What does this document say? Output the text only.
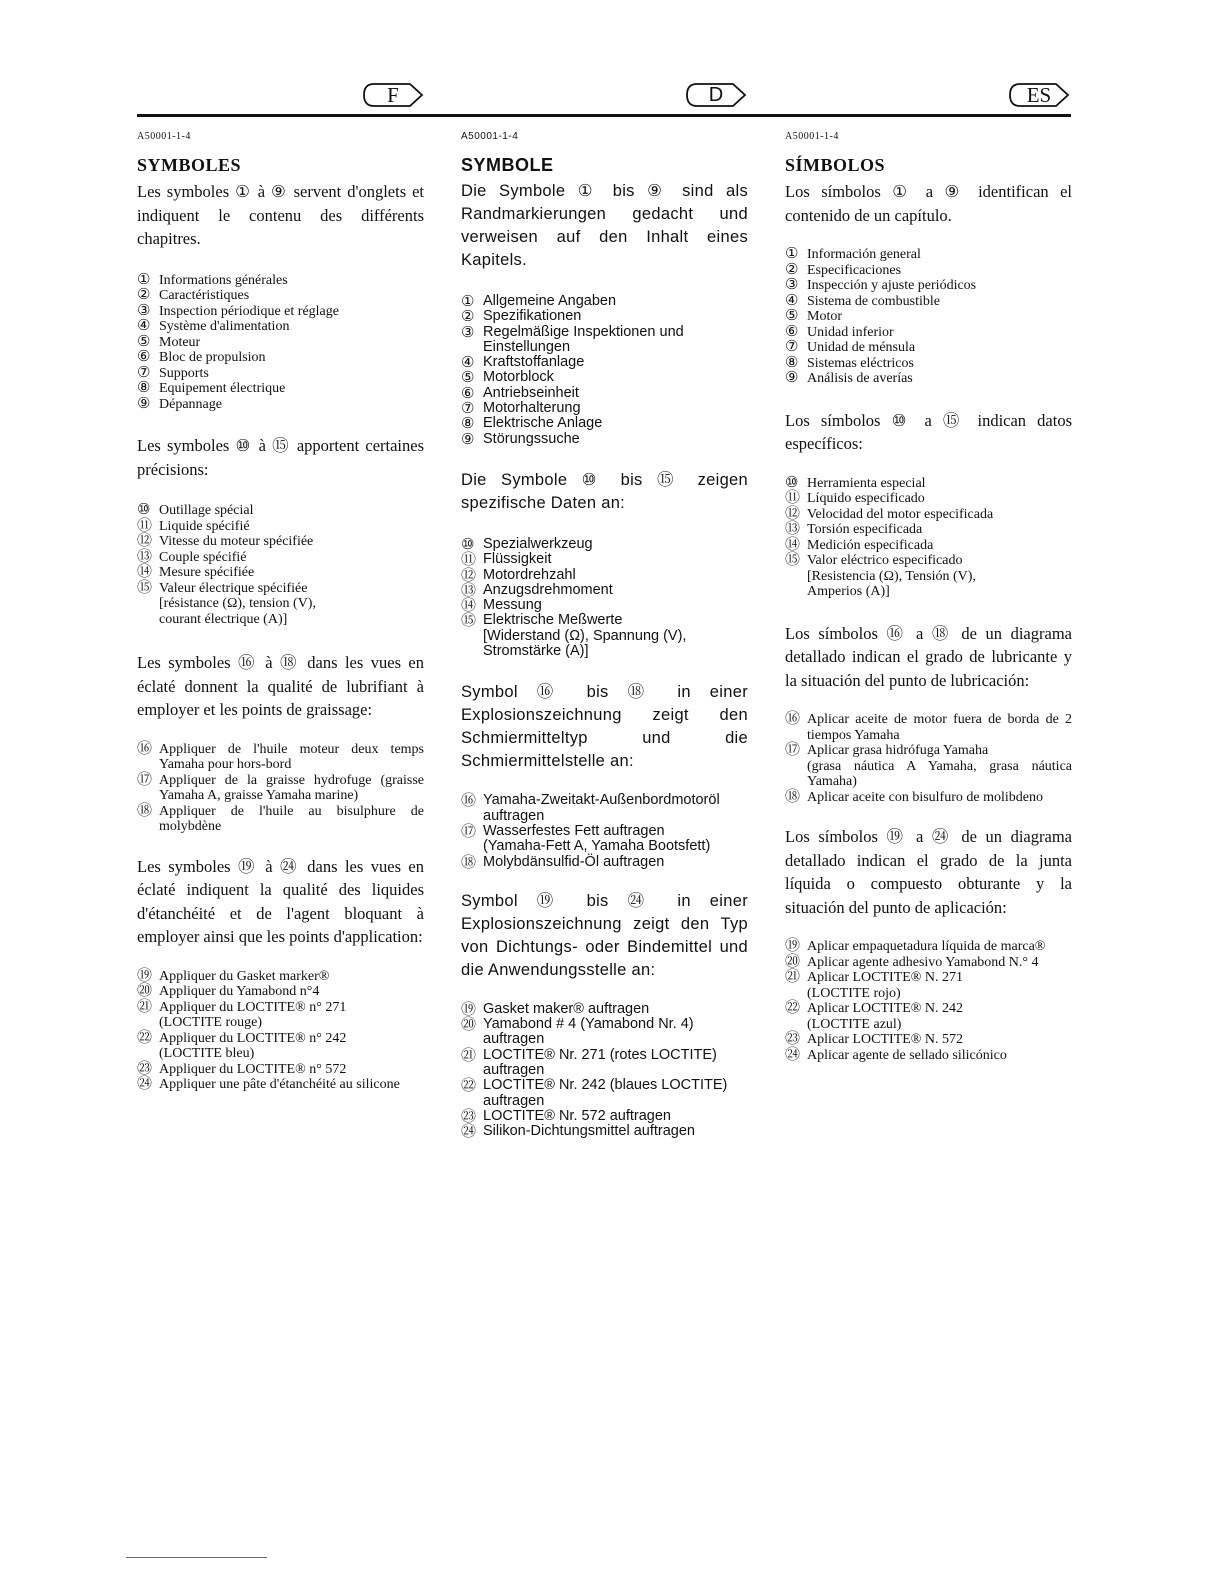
F	D	ES
A50001-1-4
SYMBOLES

Les symboles ① à ⑨ servent d'onglets et indiquent le contenu des différents chapitres.

① Informations générales
② Caractéristiques
③ Inspection périodique et réglage
④ Système d'alimentation
⑤ Moteur
⑥ Bloc de propulsion
⑦ Supports
⑧ Equipement électrique
⑨ Dépannage

Les symboles ⑩ à ⑮ apportent certaines précisions:

⑩ Outillage spécial
⑪ Liquide spécifié
⑫ Vitesse du moteur spécifiée
⑬ Couple spécifié
⑭ Mesure spécifiée
⑮ Valeur électrique spécifiée
[résistance (Ω), tension (V),
courant électrique (A)]

Les symboles ⑯ à ⑱ dans les vues en éclaté donnent la qualité de lubrifiant à employer et les points de graissage:

⑯ Appliquer de l'huile moteur deux temps Yamaha pour hors-bord
⑰ Appliquer de la graisse hydrofuge (graisse Yamaha A, graisse Yamaha marine)
⑱ Appliquer de l'huile au bisulphure de molybdène

Les symboles ⑲ à ㉔ dans les vues en éclaté indiquent la qualité des liquides d'étanchéité et de l'agent bloquant à employer ainsi que les points d'application:

⑲ Appliquer du Gasket marker®
⑳ Appliquer du Yamabond n°4
㉑ Appliquer du LOCTITE® n° 271
(LOCTITE rouge)
㉒ Appliquer du LOCTITE® n° 242
(LOCTITE bleu)
㉓ Appliquer du LOCTITE® n° 572
㉔ Appliquer une pâte d'étanchéité au silicone
A50001-1-4
SYMBOLE

Die Symbole ① bis ⑨ sind als Randmarkierungen gedacht und verweisen auf den Inhalt eines Kapitels.

① Allgemeine Angaben
② Spezifikationen
③ Regelmäßige Inspektionen und Einstellungen
④ Kraftstoffanlage
⑤ Motorblock
⑥ Antriebseinheit
⑦ Motorhalterung
⑧ Elektrische Anlage
⑨ Störungssuche

Die Symbole ⑩ bis ⑮ zeigen spezifische Daten an:

⑩ Spezialwerkzeug
⑪ Flüssigkeit
⑫ Motordrehzahl
⑬ Anzugsdrehmoment
⑭ Messung
⑮ Elektrische Meßwerte
[Widerstand (Ω), Spannung (V),
Stromstärke (A)]

Symbol ⑯ bis ⑱ in einer Explosionszeichnung zeigt den Schmiermitteltyp und die Schmiermittelstelle an:

⑯ Yamaha-Zweitakt-Außenbordmotoröl auftragen
⑰ Wasserfestes Fett auftragen
(Yamaha-Fett A, Yamaha Bootsfett)
⑱ Molybdänsulfid-Öl auftragen

Symbol ⑲ bis ㉔ in einer Explosionszeichnung zeigt den Typ von Dichtungs- oder Bindemittel und die Anwendungsstelle an:

⑲ Gasket maker® auftragen
⑳ Yamabond # 4 (Yamabond Nr. 4) auftragen
㉑ LOCTITE® Nr. 271 (rotes LOCTITE) auftragen
㉒ LOCTITE® Nr. 242 (blaues LOCTITE) auftragen
㉓ LOCTITE® Nr. 572 auftragen
㉔ Silikon-Dichtungsmittel auftragen
A50001-1-4
SÍMBOLOS

Los símbolos ① a ⑨ identifican el contenido de un capítulo.

① Información general
② Especificaciones
③ Inspección y ajuste periódicos
④ Sistema de combustible
⑤ Motor
⑥ Unidad inferior
⑦ Unidad de ménsula
⑧ Sistemas eléctricos
⑨ Análisis de averías

Los símbolos ⑩ a ⑮ indican datos específicos:

⑩ Herramienta especial
⑪ Líquido especificado
⑫ Velocidad del motor especificada
⑬ Torsión especificada
⑭ Medición especificada
⑮ Valor eléctrico especificado
[Resistencia (Ω), Tensión (V),
Amperios (A)]

Los símbolos ⑯ a ⑱ de un diagrama detallado indican el grado de lubricante y la situación del punto de lubricación:

⑯ Aplicar aceite de motor fuera de borda de 2 tiempos Yamaha
⑰ Aplicar grasa hidrófuga Yamaha
(grasa náutica A Yamaha, grasa náutica Yamaha)
⑱ Aplicar aceite con bisulfuro de molibdeno

Los símbolos ⑲ a ㉔ de un diagrama detallado indican el grado de la junta líquida o compuesto obturante y la situación del punto de aplicación:

⑲ Aplicar empaquetadura líquida de marca®
⑳ Aplicar agente adhesivo Yamabond N.° 4
㉑ Aplicar LOCTITE® N. 271
(LOCTITE rojo)
㉒ Aplicar LOCTITE® N. 242
(LOCTITE azul)
㉓ Aplicar LOCTITE® N. 572
㉔ Aplicar agente de sellado silicónico
